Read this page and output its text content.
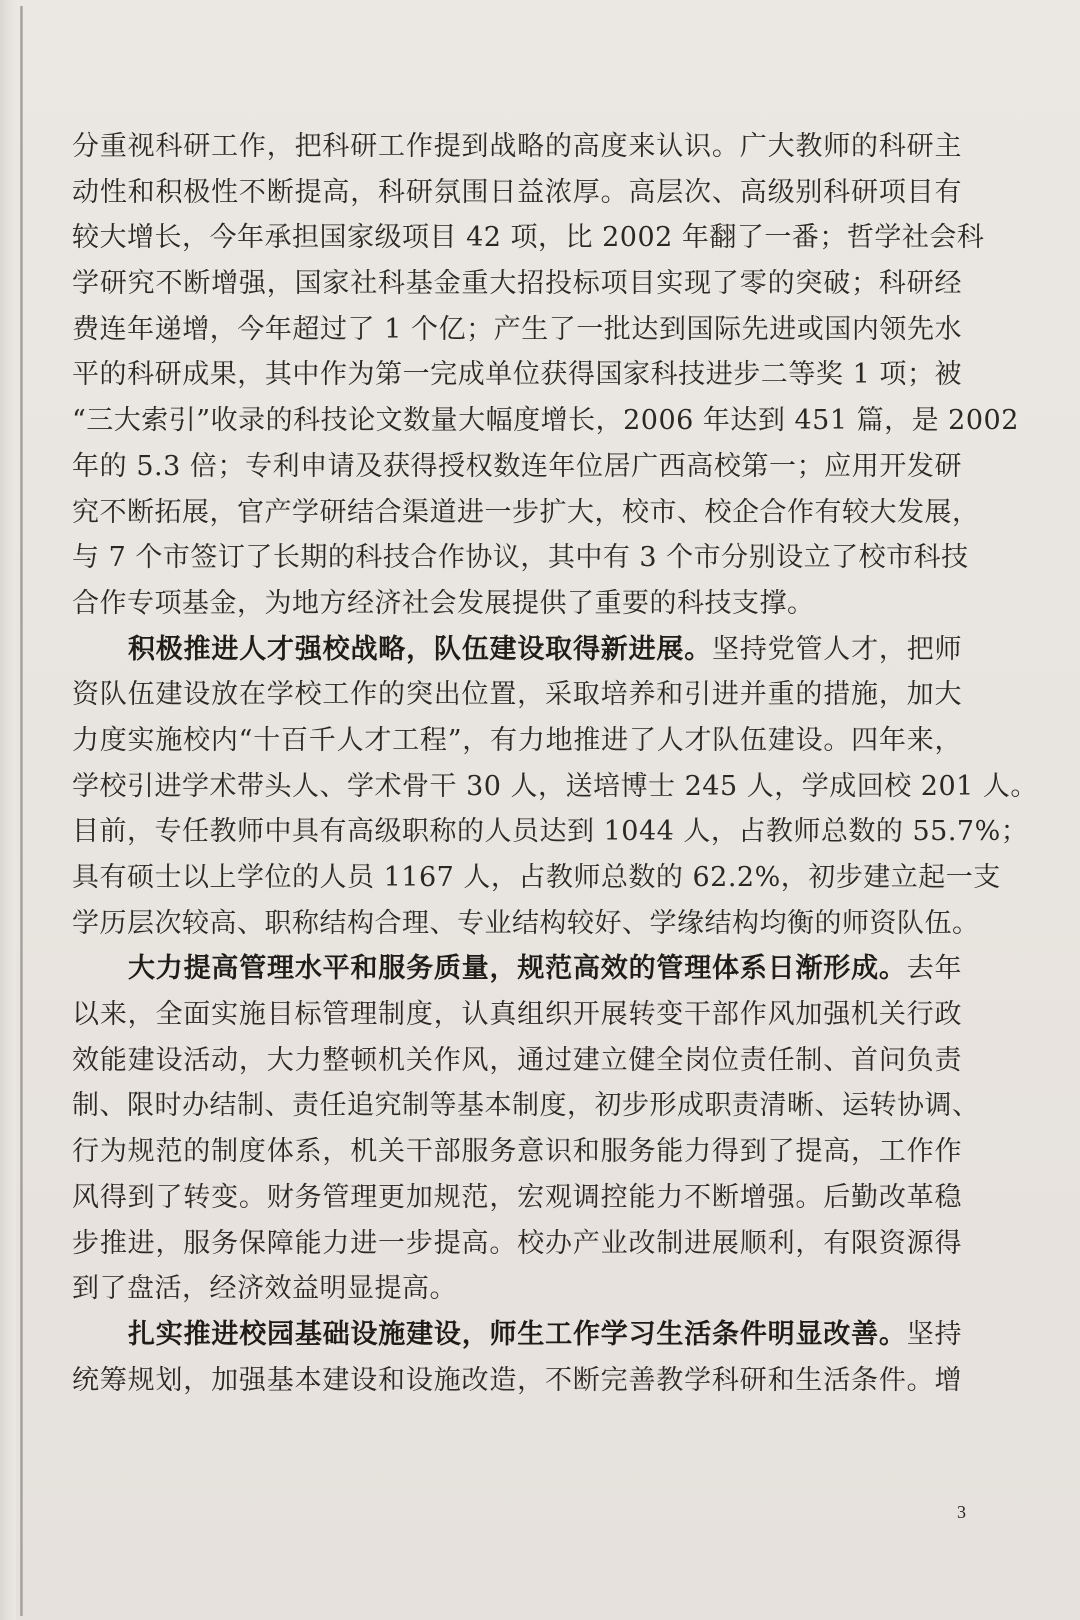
分重视科研工作，把科研工作提到战略的高度来认识。广大教师的科研主
动性和积极性不断提高，科研氛围日益浓厚。高层次、高级别科研项目有
较大增长，今年承担国家级项目 42 项，比 2002 年翻了一番；哲学社会科
学研究不断增强，国家社科基金重大招投标项目实现了零的突破；科研经
费连年递增，今年超过了 1 个亿；产生了一批达到国际先进或国内领先水
平的科研成果，其中作为第一完成单位获得国家科技进步二等奖 1 项；被
“三大索引”收录的科技论文数量大幅度增长，2006 年达到 451 篇，是 2002
年的 5.3 倍；专利申请及获得授权数连年位居广西高校第一；应用开发研
究不断拓展，官产学研结合渠道进一步扩大，校市、校企合作有较大发展，
与 7 个市签订了长期的科技合作协议，其中有 3 个市分别设立了校市科技
合作专项基金，为地方经济社会发展提供了重要的科技支撑。
积极推进人才强校战略，队伍建设取得新进展。坚持党管人才，把师
资队伍建设放在学校工作的突出位置，采取培养和引进并重的措施，加大
力度实施校内“十百千人才工程”，有力地推进了人才队伍建设。四年来，
学校引进学术带头人、学术骨干 30 人，送培博士 245 人，学成回校 201 人。
目前，专任教师中具有高级职称的人员达到 1044 人，占教师总数的 55.7%；
具有硕士以上学位的人员 1167 人，占教师总数的 62.2%，初步建立起一支
学历层次较高、职称结构合理、专业结构较好、学缘结构均衡的师资队伍。
大力提高管理水平和服务质量，规范高效的管理体系日渐形成。去年
以来，全面实施目标管理制度，认真组织开展转变干部作风加强机关行政
效能建设活动，大力整顿机关作风，通过建立健全岗位责任制、首问负责
制、限时办结制、责任追究制等基本制度，初步形成职责清晰、运转协调、
行为规范的制度体系，机关干部服务意识和服务能力得到了提高，工作作
风得到了转变。财务管理更加规范，宏观调控能力不断增强。后勤改革稳
步推进，服务保障能力进一步提高。校办产业改制进展顺利，有限资源得
到了盘活，经济效益明显提高。
扎实推进校园基础设施建设，师生工作学习生活条件明显改善。坚持
统筹规划，加强基本建设和设施改造，不断完善教学科研和生活条件。增
3
